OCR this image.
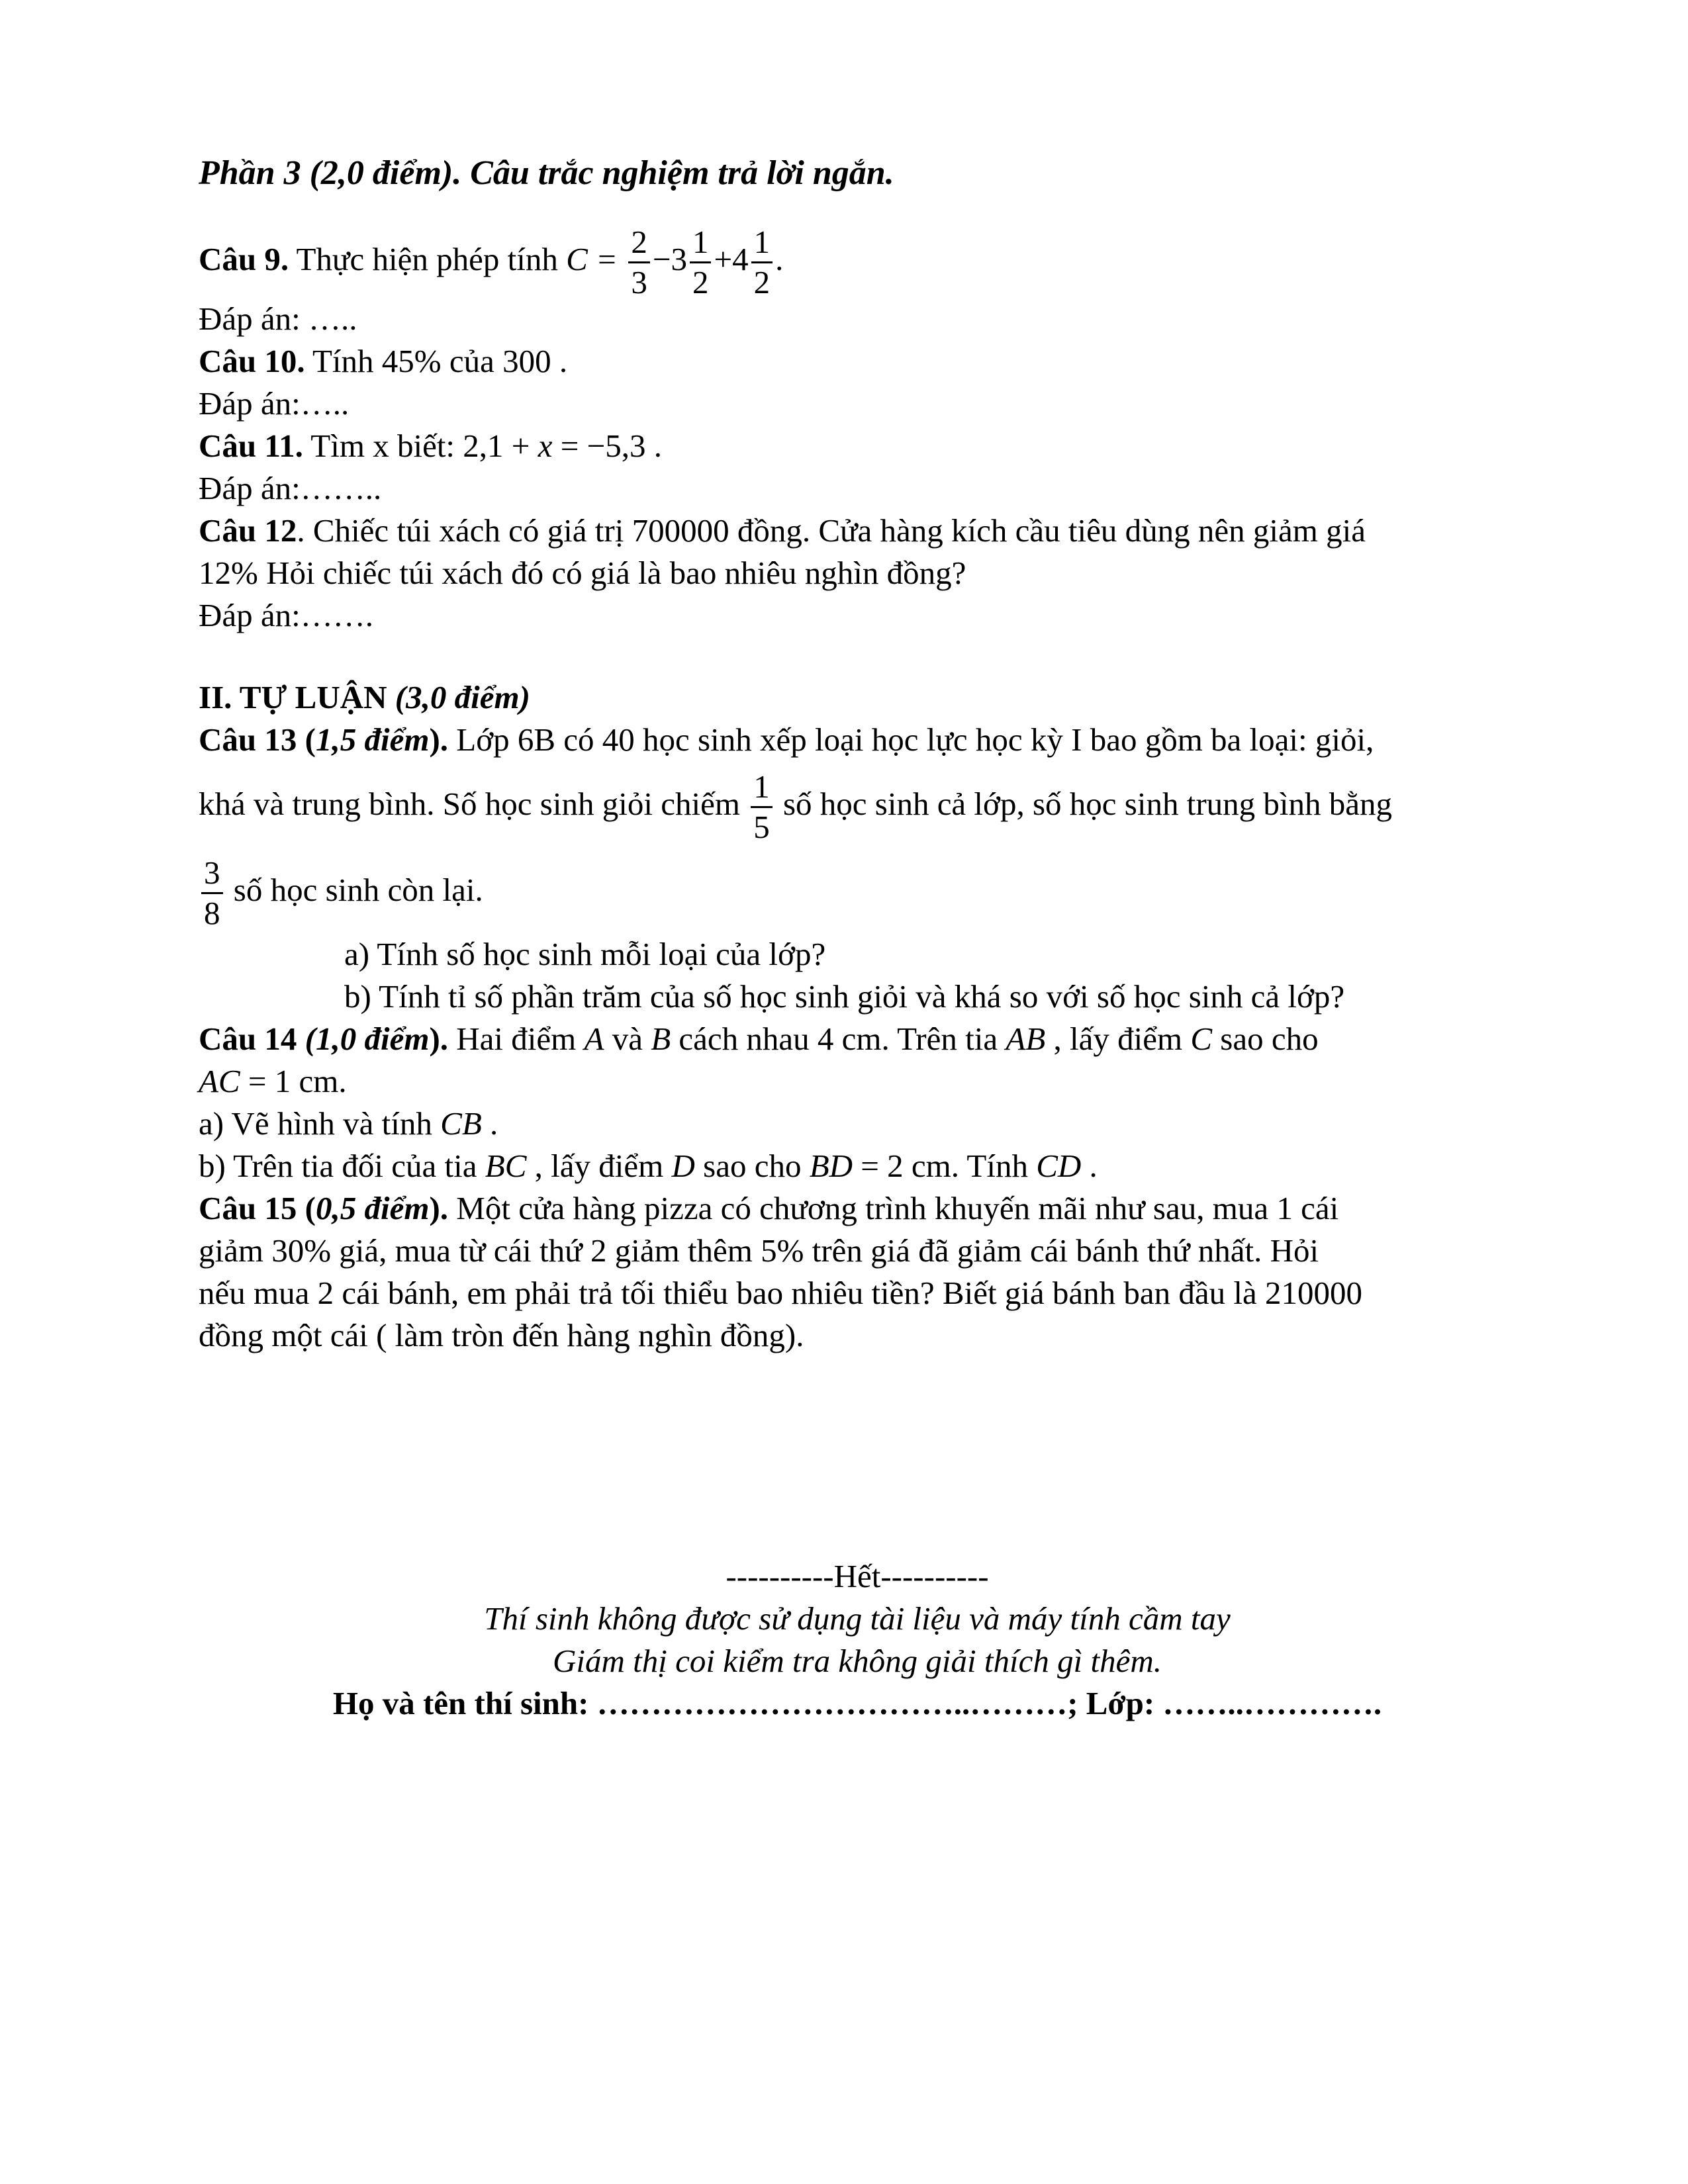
Phần 3 (2,0 điểm). Câu trắc nghiệm trả lời ngắn.
Câu 9. Thực hiện phép tính $C = \frac{2}{3} -3 \frac{1}{2} +4 \frac{1}{2}$ .
Đáp án: …..
Câu 10. Tính 45% của 300 .
Đáp án:…..
Câu 11. Tìm x biết: 2,1 + x = −5,3 .
Đáp án:……..
Câu 12. Chiếc túi xách có giá trị 700000 đồng. Cửa hàng kích cầu tiêu dùng nên giảm giá
12% Hỏi chiếc túi xách đó có giá là bao nhiêu nghìn đồng?
Đáp án:…….
II. TỰ LUẬN (3,0 điểm)
Câu 13 (1,5 điểm). Lớp 6B có 40 học sinh xếp loại học lực học kỳ I bao gồm ba loại: giỏi,
khá và trung bình. Số học sinh giỏi chiếm $\frac{1}{5}$ số học sinh cả lớp, số học sinh trung bình bằng
$\frac{3}{8}$ số học sinh còn lại.
a) Tính số học sinh mỗi loại của lớp?
b) Tính tỉ số phần trăm của số học sinh giỏi và khá so với số học sinh cả lớp?
Câu 14 (1,0 điểm). Hai điểm A và B cách nhau 4 cm. Trên tia AB , lấy điểm C sao cho
AC = 1 cm.
a) Vẽ hình và tính CB .
b) Trên tia đối của tia BC , lấy điểm D sao cho BD = 2 cm. Tính CD .
Câu 15 (0,5 điểm). Một cửa hàng pizza có chương trình khuyến mãi như sau, mua 1 cái
giảm 30% giá, mua từ cái thứ 2 giảm thêm 5% trên giá đã giảm cái bánh thứ nhất. Hỏi
nếu mua 2 cái bánh, em phải trả tối thiểu bao nhiêu tiền? Biết giá bánh ban đầu là 210000
đồng một cái ( làm tròn đến hàng nghìn đồng).
----------Hết----------
Thí sinh không được sử dụng tài liệu và máy tính cầm tay
Giám thị coi kiểm tra không giải thích gì thêm.
Họ và tên thí sinh: ……………………………..………; Lớp: ……..………….
